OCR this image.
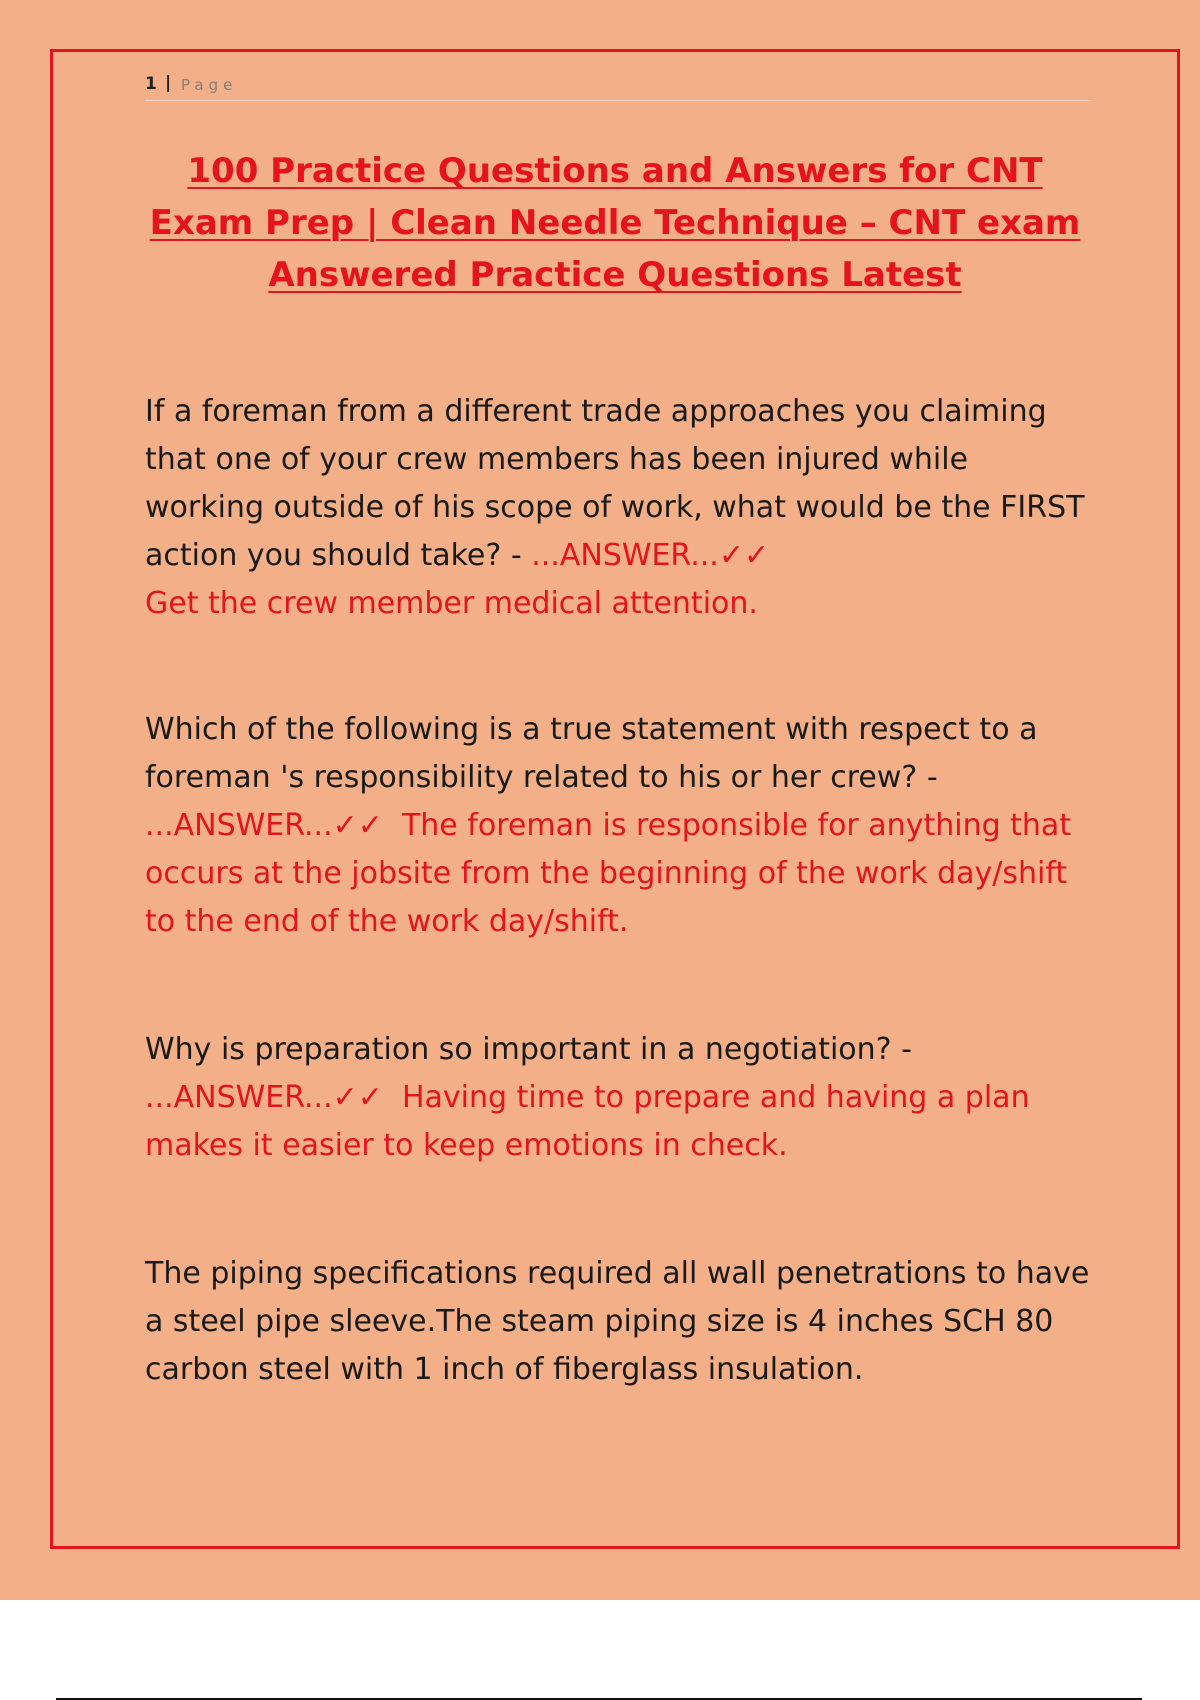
1 | Page
100 Practice Questions and Answers for CNT Exam Prep | Clean Needle Technique – CNT exam Answered Practice Questions Latest

If a foreman from a different trade approaches you claiming that one of your crew members has been injured while working outside of his scope of work, what would be the FIRST action you should take? - ...ANSWER...✓✓
Get the crew member medical attention.

Which of the following is a true statement with respect to a foreman 's responsibility related to his or her crew? -
...ANSWER...✓✓ The foreman is responsible for anything that occurs at the jobsite from the beginning of the work day/shift to the end of the work day/shift.

Why is preparation so important in a negotiation? -
...ANSWER...✓✓ Having time to prepare and having a plan makes it easier to keep emotions in check.

The piping specifications required all wall penetrations to have a steel pipe sleeve.The steam piping size is 4 inches SCH 80 carbon steel with 1 inch of fiberglass insulation.
